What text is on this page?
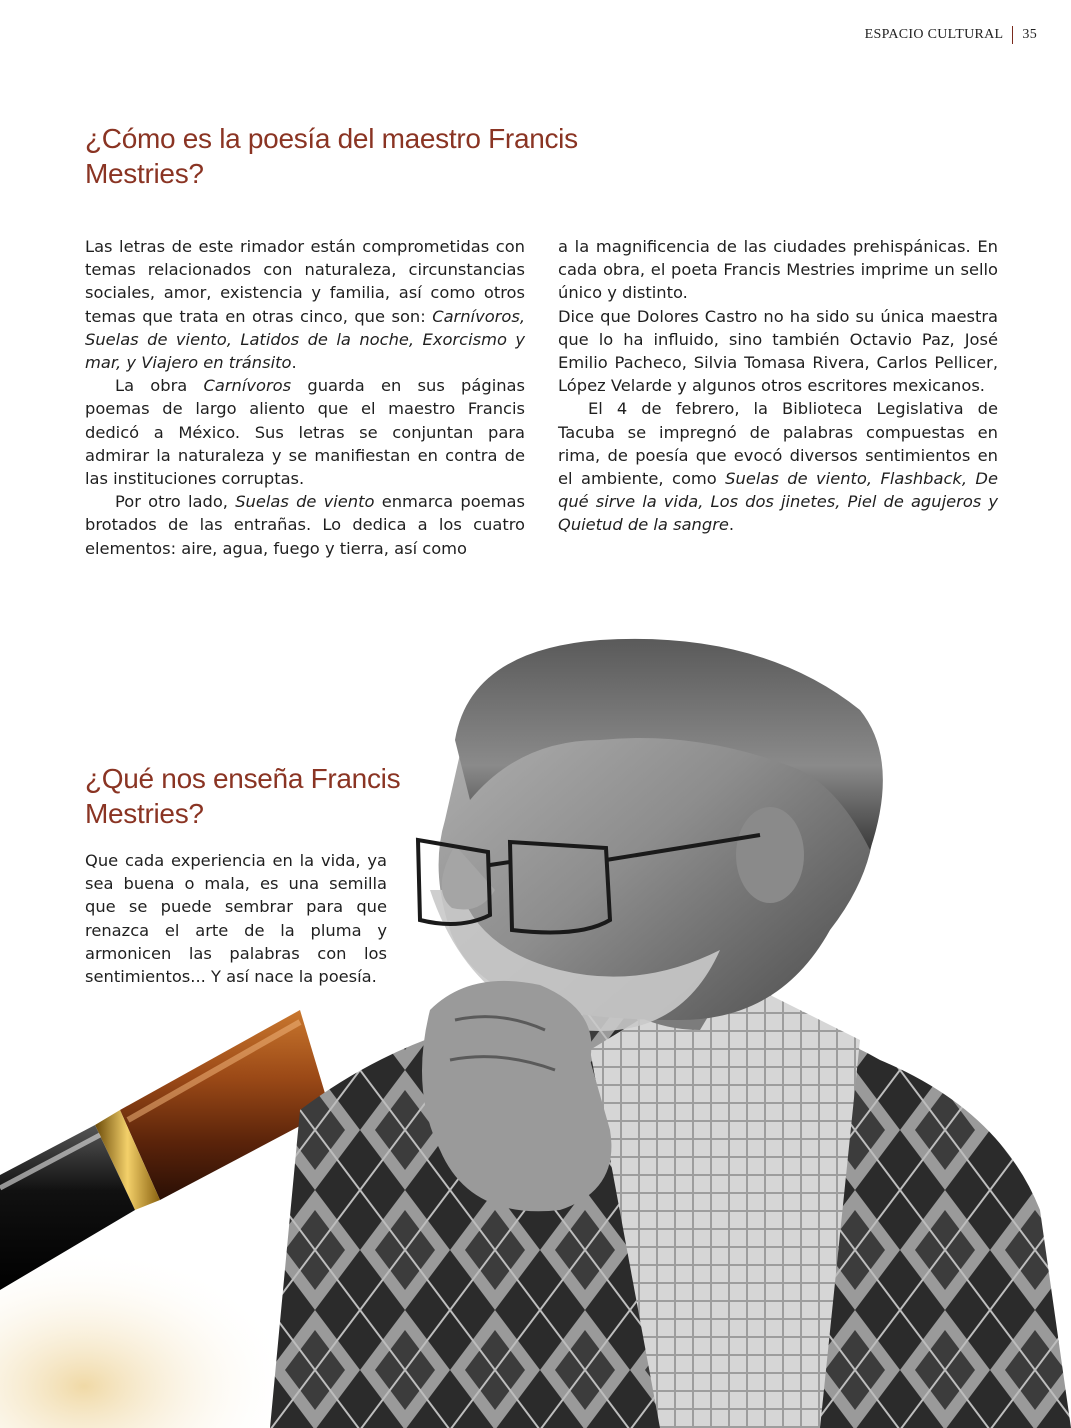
ESPACIO CULTURAL 35
¿Cómo es la poesía del maestro Francis Mestries?

Las letras de este rimador están comprometidas con temas relacionados con naturaleza, circunstancias sociales, amor, existencia y familia, así como otros temas que trata en otras cinco, que son: Carnívoros, Suelas de viento, Latidos de la noche, Exorcismo y mar, y Viajero en tránsito.

La obra Carnívoros guarda en sus páginas poemas de largo aliento que el maestro Francis dedicó a México. Sus letras se conjuntan para admirar la naturaleza y se manifiestan en contra de las instituciones corruptas.

Por otro lado, Suelas de viento enmarca poemas brotados de las entrañas. Lo dedica a los cuatro elementos: aire, agua, fuego y tierra, así como

a la magnificencia de las ciudades prehispánicas. En cada obra, el poeta Francis Mestries imprime un sello único y distinto.

Dice que Dolores Castro no ha sido su única maestra que lo ha influido, sino también Octavio Paz, José Emilio Pacheco, Silvia Tomasa Rivera, Carlos Pellicer, López Velarde y algunos otros escritores mexicanos.

El 4 de febrero, la Biblioteca Legislativa de Tacuba se impregnó de palabras compuestas en rima, de poesía que evocó diversos sentimientos en el ambiente, como Suelas de viento, Flashback, De qué sirve la vida, Los dos jinetes, Piel de agujeros y Quietud de la sangre.

¿Qué nos enseña Francis Mestries?

Que cada experiencia en la vida, ya sea buena o mala, es una semilla que se puede sembrar para que renazca el arte de la pluma y armonicen las palabras con los sentimientos... Y así nace la poesía.
